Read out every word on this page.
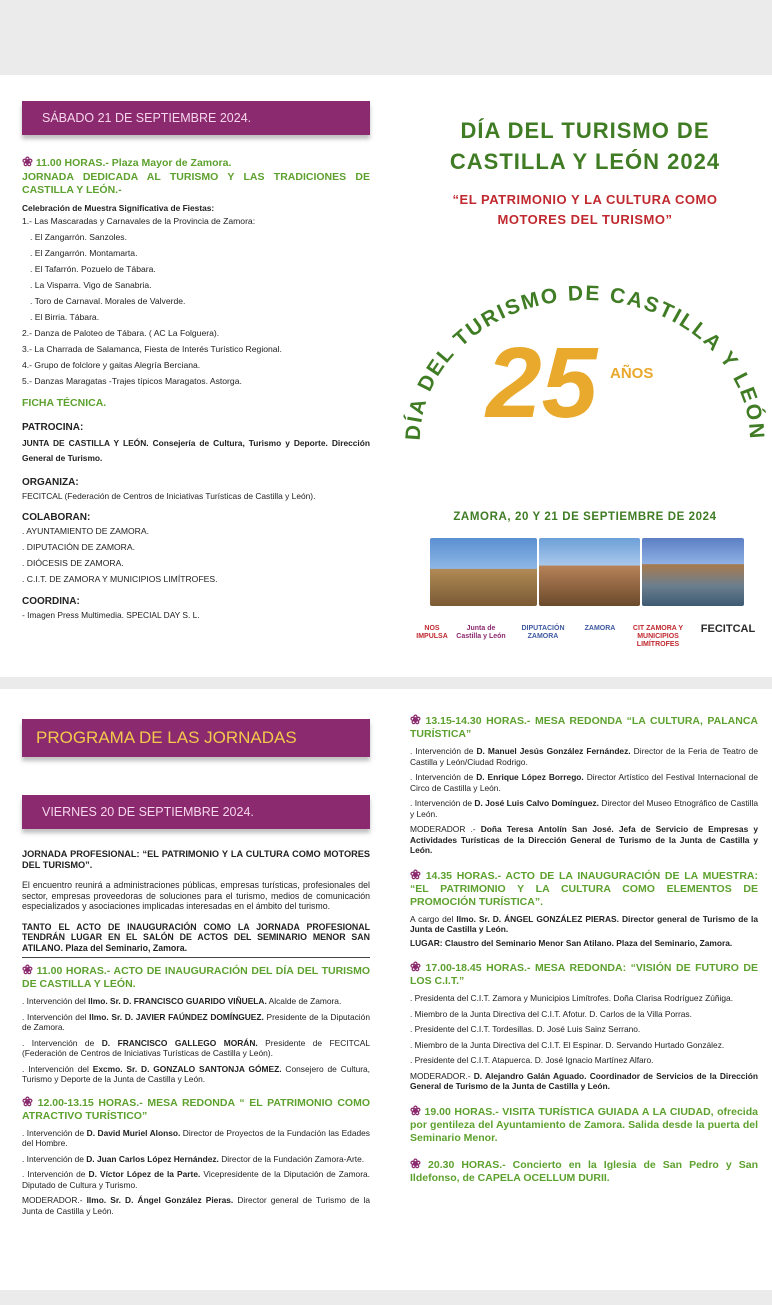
SÁBADO 21 DE SEPTIEMBRE 2024.
❀ 11.00 HORAS.- Plaza Mayor de Zamora.
JORNADA DEDICADA AL TURISMO Y LAS TRADICIONES DE CASTILLA Y LEÓN.-
Celebración de Muestra Significativa de Fiestas:
1.- Las Mascaradas y Carnavales de la Provincia de Zamora:
. El Zangarrón. Sanzoles.
. El Zangarrón. Montamarta.
. El Tafarrón. Pozuelo de Tábara.
. La Visparra. Vigo de Sanabria.
. Toro de Carnaval. Morales de Valverde.
. El Birria. Tábara.
2.- Danza de Paloteo de Tábara. ( AC La Folguera).
3.- La Charrada de Salamanca, Fiesta de Interés Turístico Regional.
4.- Grupo de folclore y gaitas Alegría Berciana.
5.- Danzas Maragatas -Trajes típicos Maragatos. Astorga.
FICHA TÉCNICA.
PATROCINA:
JUNTA DE CASTILLA Y LEÓN. Consejería de Cultura, Turismo y Deporte. Dirección General de Turismo.
ORGANIZA:
FECITCAL (Federación de Centros de Iniciativas Turísticas de Castilla y León).
COLABORAN:
. AYUNTAMIENTO DE ZAMORA.
. DIPUTACIÓN DE ZAMORA.
. DIÓCESIS DE ZAMORA.
. C.I.T. DE ZAMORA Y MUNICIPIOS LIMÍTROFES.
COORDINA:
- Imagen Press Multimedia. SPECIAL DAY S. L.
DÍA DEL TURISMO DE
CASTILLA Y LEÓN 2024
“EL PATRIMONIO Y LA CULTURA COMO
MOTORES DEL TURISMO”
DÍA DEL TURISMO DE CASTILLA Y LEÓN
25 AÑOS
ZAMORA, 20 Y 21 DE SEPTIEMBRE DE 2024
NOS IMPULSA
Junta de Castilla y León
DIPUTACIÓN ZAMORA
ZAMORA	CIT ZAMORA Y MUNICIPIOS LIMÍTROFES
FECITCAL
PROGRAMA DE LAS JORNADAS
VIERNES 20 DE SEPTIEMBRE 2024.
JORNADA PROFESIONAL: “EL PATRIMONIO Y LA CULTURA COMO MOTORES DEL TURISMO”.
El encuentro reunirá a administraciones públicas, empresas turísticas, profesionales del sector, empresas proveedoras de soluciones para el turismo, medios de comunicación especializados y asociaciones implicadas interesadas en el ámbito del turismo.
TANTO EL ACTO DE INAUGURACIÓN COMO LA JORNADA PROFESIONAL TENDRÁN LUGAR EN EL SALÓN DE ACTOS DEL SEMINARIO MENOR SAN ATILANO. Plaza del Seminario, Zamora.
❀ 11.00 HORAS.- ACTO DE INAUGURACIÓN DEL DÍA DEL TURISMO DE CASTILLA Y LEÓN.
. Intervención del Ilmo. Sr. D. FRANCISCO GUARIDO VIÑUELA. Alcalde de Zamora.
. Intervención del Ilmo. Sr. D. JAVIER FAÚNDEZ DOMÍNGUEZ. Presidente de la Diputación de Zamora.
. Intervención de D. FRANCISCO GALLEGO MORÁN. Presidente de FECITCAL (Federación de Centros de Iniciativas Turísticas de Castilla y León).
. Intervención del Excmo. Sr. D. GONZALO SANTONJA GÓMEZ. Consejero de Cultura, Turismo y Deporte de la Junta de Castilla y León.
❀ 12.00-13.15 HORAS.- MESA REDONDA “ EL PATRIMONIO COMO ATRACTIVO TURÍSTICO”
. Intervención de D. David Muriel Alonso. Director de Proyectos de la Fundación las Edades del Hombre.
. Intervención de D. Juan Carlos López Hernández. Director de la Fundación Zamora-Arte.
. Intervención de D. Víctor López de la Parte. Vicepresidente de la Diputación de Zamora. Diputado de Cultura y Turismo.
MODERADOR.- Ilmo. Sr. D. Ángel González Pieras. Director general de Turismo de la Junta de Castilla y León.
❀ 13.15-14.30 HORAS.- MESA REDONDA “LA CULTURA, PALANCA TURÍSTICA”
. Intervención de D. Manuel Jesús González Fernández. Director de la Feria de Teatro de Castilla y León/Ciudad Rodrigo.
. Intervención de D. Enrique López Borrego. Director Artístico del Festival Internacional de Circo de Castilla y León.
. Intervención de D. José Luis Calvo Domínguez. Director del Museo Etnográfico de Castilla y León.
MODERADOR .- Doña Teresa Antolín San José. Jefa de Servicio de Empresas y Actividades Turísticas de la Dirección General de Turismo de la Junta de Castilla y León.
❀ 14.35 HORAS.- ACTO DE LA INAUGURACIÓN DE LA MUESTRA: “EL PATRIMONIO Y LA CULTURA COMO ELEMENTOS DE PROMOCIÓN TURÍSTICA”.
A cargo del Ilmo. Sr. D. ÁNGEL GONZÁLEZ PIERAS. Director general de Turismo de la Junta de Castilla y León.
LUGAR: Claustro del Seminario Menor San Atilano. Plaza del Seminario, Zamora.
❀ 17.00-18.45 HORAS.- MESA REDONDA: “VISIÓN DE FUTURO DE LOS C.I.T.”
. Presidenta del C.I.T. Zamora y Municipios Limítrofes. Doña Clarisa Rodríguez Zúñiga.
. Miembro de la Junta Directiva del C.I.T. Afotur. D. Carlos de la Villa Porras.
. Presidente del C.I.T. Tordesillas. D. José Luis Sainz Serrano.
. Miembro de la Junta Directiva del C.I.T. El Espinar. D. Servando Hurtado González.
. Presidente del C.I.T. Atapuerca. D. José Ignacio Martínez Alfaro.
MODERADOR.- D. Alejandro Galán Aguado. Coordinador de Servicios de la Dirección General de Turismo de la Junta de Castilla y León.
❀ 19.00 HORAS.- VISITA TURÍSTICA GUIADA A LA CIUDAD, ofrecida por gentileza del Ayuntamiento de Zamora. Salida desde la puerta del Seminario Menor.
❀ 20.30 HORAS.- Concierto en la Iglesia de San Pedro y San Ildefonso, de CAPELA OCELLUM DURII.
